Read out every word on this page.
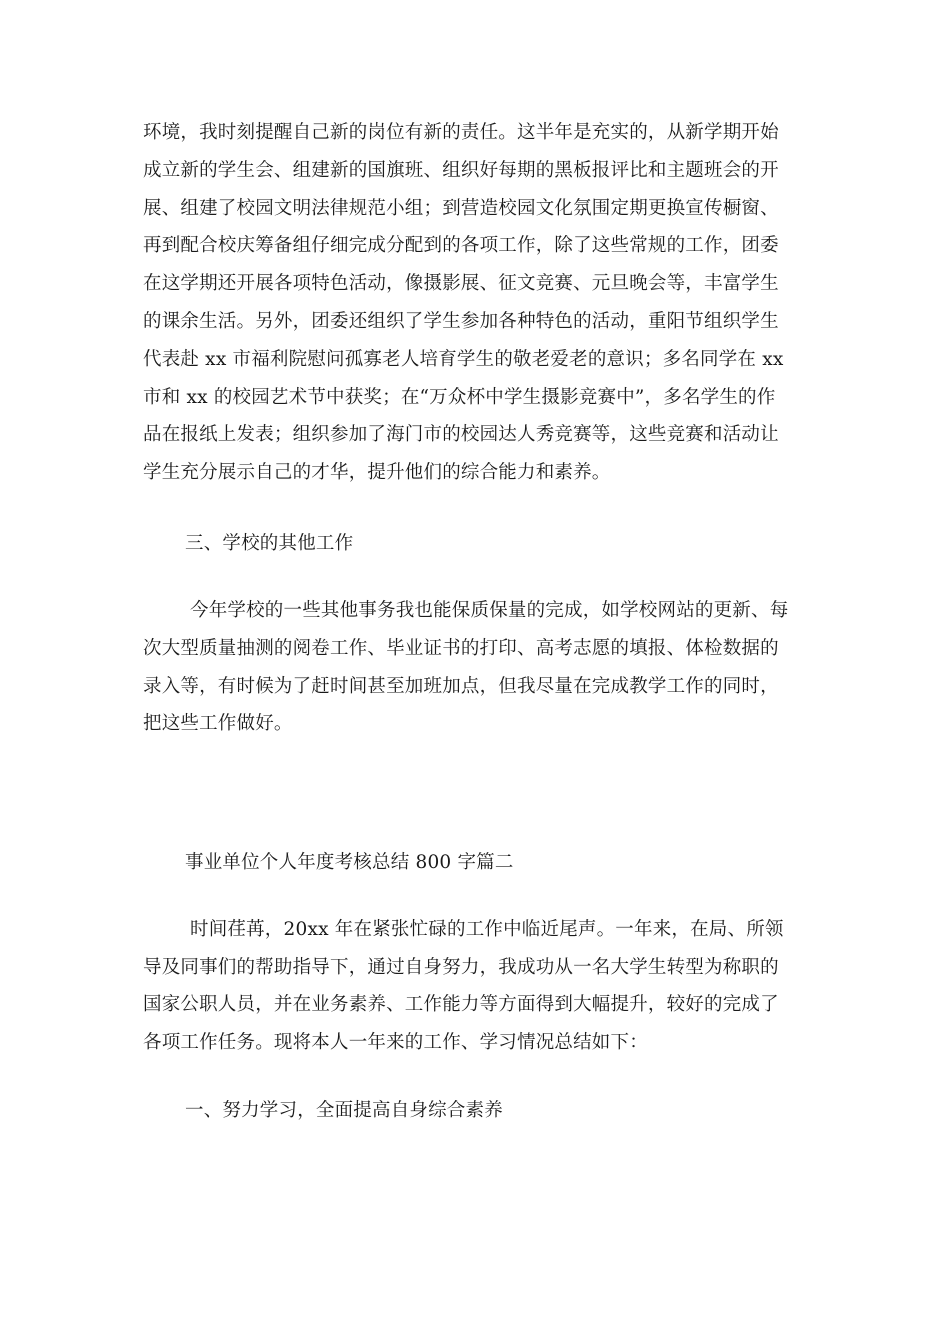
环境，我时刻提醒自己新的岗位有新的责任。这半年是充实的，从新学期开始
成立新的学生会、组建新的国旗班、组织好每期的黑板报评比和主题班会的开
展、组建了校园文明法律规范小组；到营造校园文化氛围定期更换宣传橱窗、
再到配合校庆筹备组仔细完成分配到的各项工作，除了这些常规的工作，团委
在这学期还开展各项特色活动，像摄影展、征文竞赛、元旦晚会等，丰富学生
的课余生活。另外，团委还组织了学生参加各种特色的活动，重阳节组织学生
代表赴 xx 市福利院慰问孤寡老人培育学生的敬老爱老的意识；多名同学在 xx
市和 xx 的校园艺术节中获奖；在“万众杯中学生摄影竞赛中”，多名学生的作
品在报纸上发表；组织参加了海门市的校园达人秀竞赛等，这些竞赛和活动让
学生充分展示自己的才华，提升他们的综合能力和素养。
三、学校的其他工作
今年学校的一些其他事务我也能保质保量的完成，如学校网站的更新、每
次大型质量抽测的阅卷工作、毕业证书的打印、高考志愿的填报、体检数据的
录入等，有时候为了赶时间甚至加班加点，但我尽量在完成教学工作的同时，
把这些工作做好。
事业单位个人年度考核总结 800 字篇二
时间荏苒，20xx 年在紧张忙碌的工作中临近尾声。一年来，在局、所领
导及同事们的帮助指导下，通过自身努力，我成功从一名大学生转型为称职的
国家公职人员，并在业务素养、工作能力等方面得到大幅提升，较好的完成了
各项工作任务。现将本人一年来的工作、学习情况总结如下：
一、努力学习，全面提高自身综合素养
